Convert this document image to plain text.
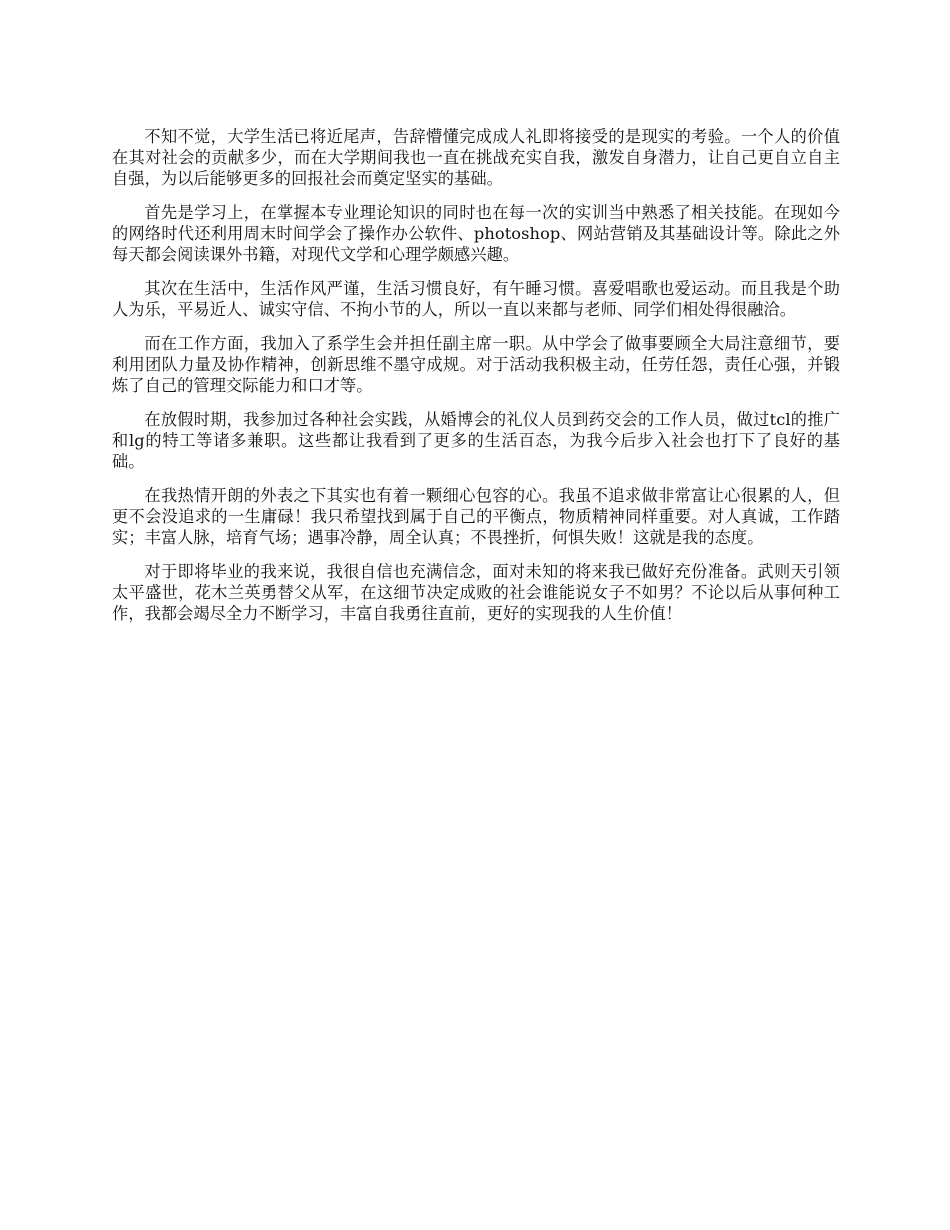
不知不觉，大学生活已将近尾声，告辞懵懂完成成人礼即将接受的是现实的考验。一个人的价值在其对社会的贡献多少，而在大学期间我也一直在挑战充实自我，激发自身潜力，让自己更自立自主自强，为以后能够更多的回报社会而奠定坚实的基础。

首先是学习上，在掌握本专业理论知识的同时也在每一次的实训当中熟悉了相关技能。在现如今的网络时代还利用周末时间学会了操作办公软件、photoshop、网站营销及其基础设计等。除此之外每天都会阅读课外书籍，对现代文学和心理学颇感兴趣。

其次在生活中，生活作风严谨，生活习惯良好，有午睡习惯。喜爱唱歌也爱运动。而且我是个助人为乐，平易近人、诚实守信、不拘小节的人，所以一直以来都与老师、同学们相处得很融洽。

而在工作方面，我加入了系学生会并担任副主席一职。从中学会了做事要顾全大局注意细节，要利用团队力量及协作精神，创新思维不墨守成规。对于活动我积极主动，任劳任怨，责任心强，并锻炼了自己的管理交际能力和口才等。

在放假时期，我参加过各种社会实践，从婚博会的礼仪人员到药交会的工作人员，做过tcl的推广和lg的特工等诸多兼职。这些都让我看到了更多的生活百态，为我今后步入社会也打下了良好的基础。

在我热情开朗的外表之下其实也有着一颗细心包容的心。我虽不追求做非常富让心很累的人，但更不会没追求的一生庸碌！我只希望找到属于自己的平衡点，物质精神同样重要。对人真诚，工作踏实；丰富人脉，培育气场；遇事冷静，周全认真；不畏挫折，何惧失败！这就是我的态度。

对于即将毕业的我来说，我很自信也充满信念，面对未知的将来我已做好充份准备。武则天引领太平盛世，花木兰英勇替父从军，在这细节决定成败的社会谁能说女子不如男？不论以后从事何种工作，我都会竭尽全力不断学习，丰富自我勇往直前，更好的实现我的人生价值！
